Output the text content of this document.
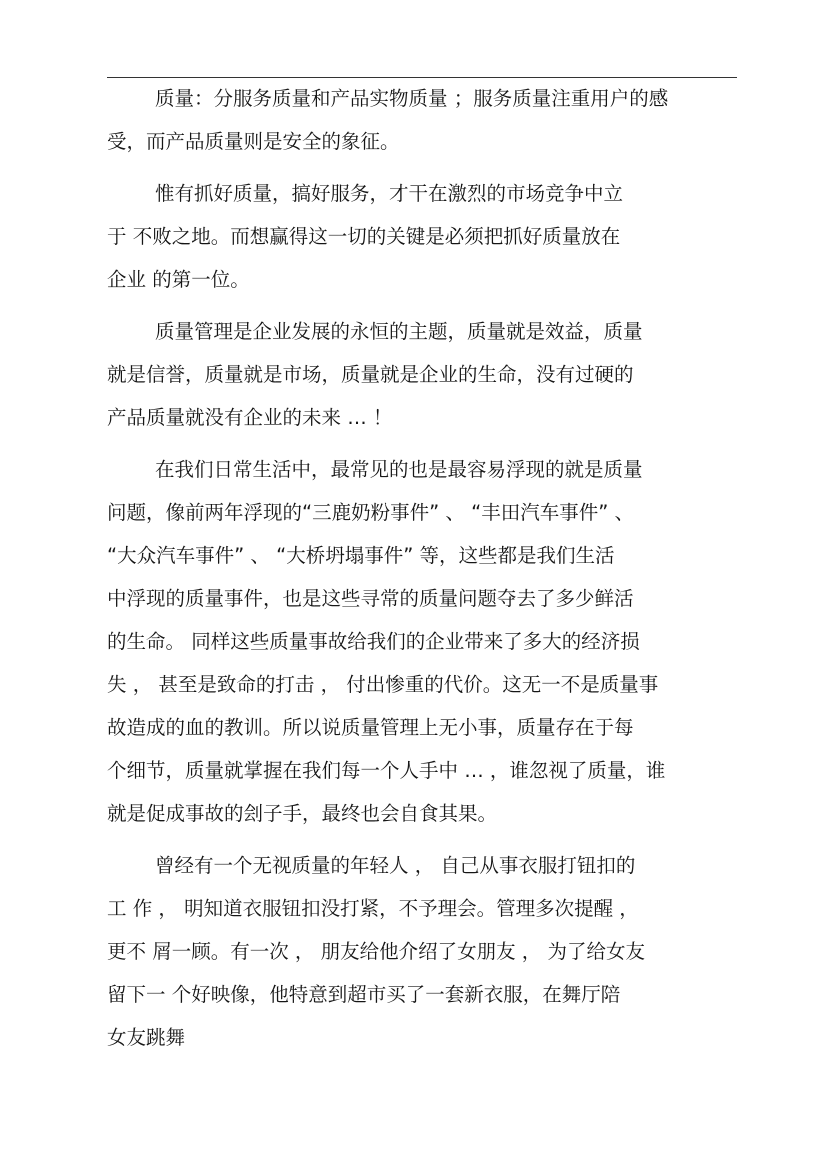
质量：分服务质量和产品实物质量 ；服务质量注重用户的感
受，而产品质量则是安全的象征。
惟有抓好质量，搞好服务，才干在激烈的市场竞争中立
于 不败之地。而想赢得这一切的关键是必须把抓好质量放在
企业 的第一位。
质量管理是企业发展的永恒的主题，质量就是效益，质量
就是信誉，质量就是市场，质量就是企业的生命，没有过硬的
产品质量就没有企业的未来 … ！
在我们日常生活中，最常见的也是最容易浮现的就是质量
问题，像前两年浮现的“三鹿奶粉事件” 、 “丰田汽车事件” 、
“大众汽车事件” 、 “大桥坍塌事件” 等，这些都是我们生活
中浮现的质量事件，也是这些寻常的质量问题夺去了多少鲜活
的生命。 同样这些质量事故给我们的企业带来了多大的经济损
失 ， 甚至是致命的打击 ， 付出惨重的代价。这无一不是质量事
故造成的血的教训。所以说质量管理上无小事，质量存在于每
个细节，质量就掌握在我们每一个人手中 … ，谁忽视了质量，谁
就是促成事故的刽子手，最终也会自食其果。
曾经有一个无视质量的年轻人 ， 自己从事衣服打钮扣的
工 作 ， 明知道衣服钮扣没打紧，不予理会。管理多次提醒 ，
更不 屑一顾。有一次 ， 朋友给他介绍了女朋友 ， 为了给女友
留下一 个好映像，他特意到超市买了一套新衣服，在舞厅陪
女友跳舞
